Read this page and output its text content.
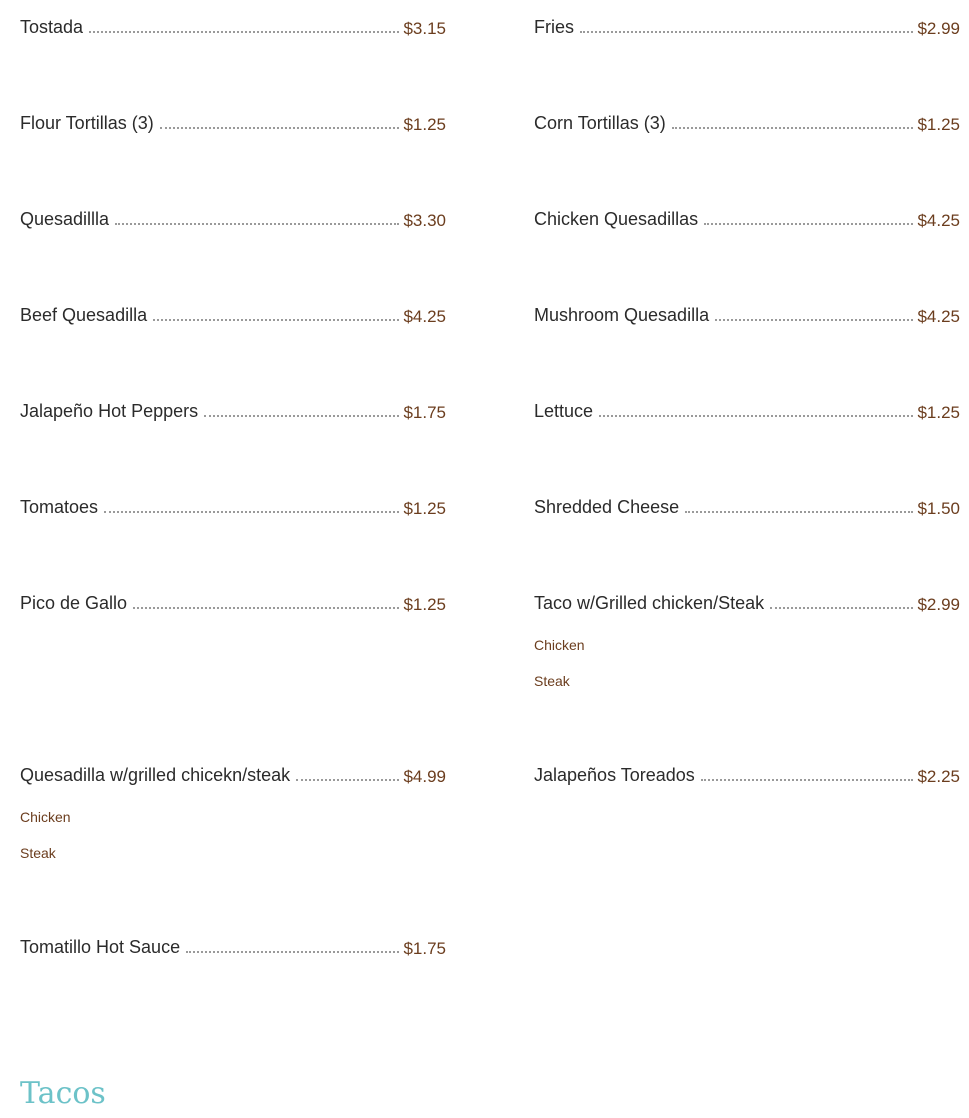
Tostada	$3.15
Flour Tortillas (3)	$1.25
Quesadillla	$3.30
Beef Quesadilla	$4.25
Jalapeño Hot Peppers	$1.75
Tomatoes	$1.25
Pico de Gallo	$1.25
Quesadilla w/grilled chicekn/steak	$4.99
Chicken
Steak
Tomatillo Hot Sauce	$1.75
Fries	$2.99
Corn Tortillas (3)	$1.25
Chicken Quesadillas	$4.25
Mushroom Quesadilla	$4.25
Lettuce	$1.25
Shredded Cheese	$1.50
Taco w/Grilled chicken/Steak	$2.99
Chicken
Steak
Jalapeños Toreados	$2.25
Tacos
